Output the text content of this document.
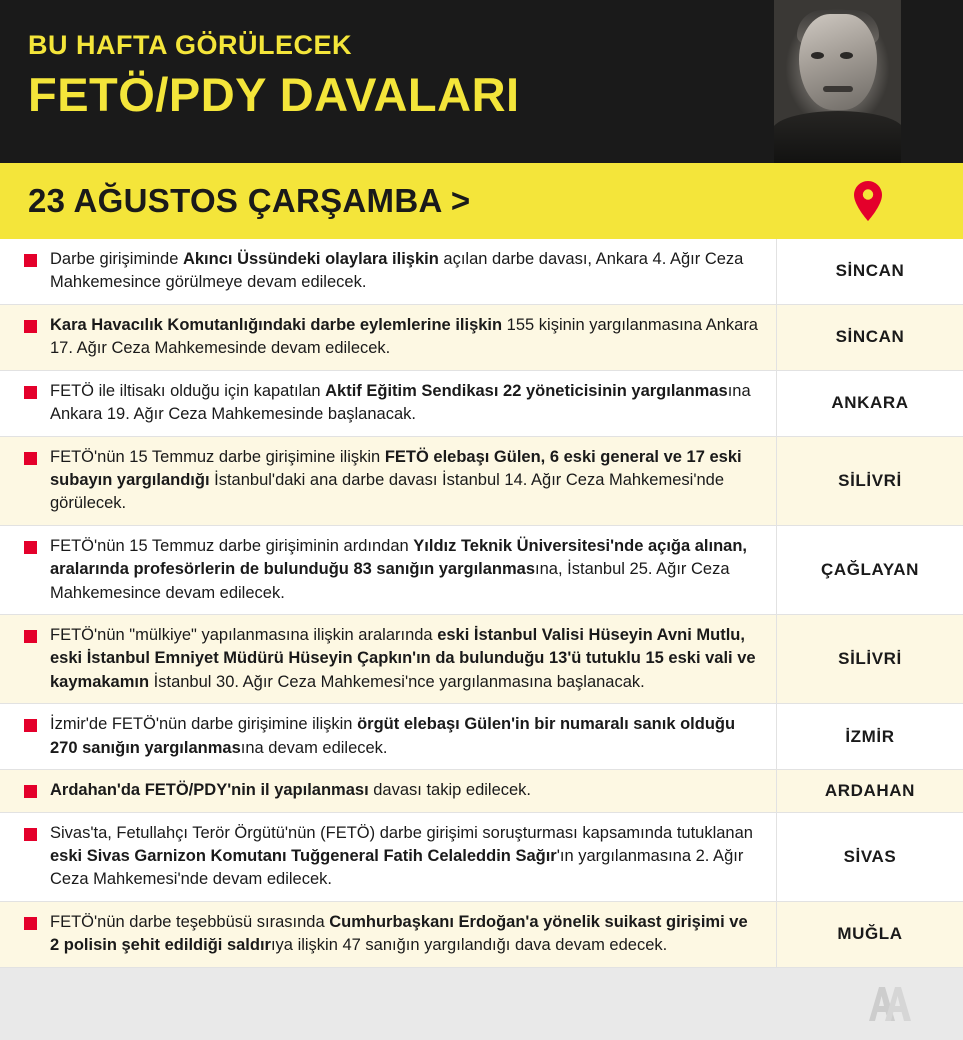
BU HAFTA GÖRÜLECEK
FETÖ/PDY DAVALARI
23 AĞUSTOS ÇARŞAMBA >
Darbe girişiminde Akıncı Üssündeki olaylara ilişkin açılan darbe davası, Ankara 4. Ağır Ceza Mahkemesince görülmeye devam edilecek.
SİNCAN
Kara Havacılık Komutanlığındaki darbe eylemlerine ilişkin 155 kişinin yargılanmasına Ankara 17. Ağır Ceza Mahkemesinde devam edilecek.
SİNCAN
FETÖ ile iltisakı olduğu için kapatılan Aktif Eğitim Sendikası 22 yöneticisinin yargılanmasına Ankara 19. Ağır Ceza Mahkemesinde başlanacak.
ANKARA
FETÖ'nün 15 Temmuz darbe girişimine ilişkin FETÖ elebaşı Gülen, 6 eski general ve 17 eski subayın yargılandığı İstanbul'daki ana darbe davası İstanbul 14. Ağır Ceza Mahkemesi'nde görülecek.
SİLİVRİ
FETÖ'nün 15 Temmuz darbe girişiminin ardından Yıldız Teknik Üniversitesi'nde açığa alınan, aralarında profesörlerin de bulunduğu 83 sanığın yargılanmasına, İstanbul 25. Ağır Ceza Mahkemesince devam edilecek.
ÇAĞLAYAN
FETÖ'nün "mülkiye" yapılanmasına ilişkin aralarında eski İstanbul Valisi Hüseyin Avni Mutlu, eski İstanbul Emniyet Müdürü Hüseyin Çapkın'ın da bulunduğu 13'ü tutuklu 15 eski vali ve kaymakamın İstanbul 30. Ağır Ceza Mahkemesi'nce yargılanmasına başlanacak.
SİLİVRİ
İzmir'de FETÖ'nün darbe girişimine ilişkin örgüt elebaşı Gülen'in bir numaralı sanık olduğu 270 sanığın yargılanmasına devam edilecek.
İZMİR
Ardahan'da FETÖ/PDY'nin il yapılanması davası takip edilecek.	ARDAHAN
Sivas'ta, Fetullahçı Terör Örgütü'nün (FETÖ) darbe girişimi soruşturması kapsamında tutuklanan eski Sivas Garnizon Komutanı Tuğgeneral Fatih Celaleddin Sağır'ın yargılanmasına 2. Ağır Ceza Mahkemesi'nde devam edilecek.
SİVAS
FETÖ'nün darbe teşebbüsü sırasında Cumhurbaşkanı Erdoğan'a yönelik suikast girişimi ve 2 polisin şehit edildiği saldırıya ilişkin 47 sanığın yargılandığı dava devam edecek.
MUĞLA
